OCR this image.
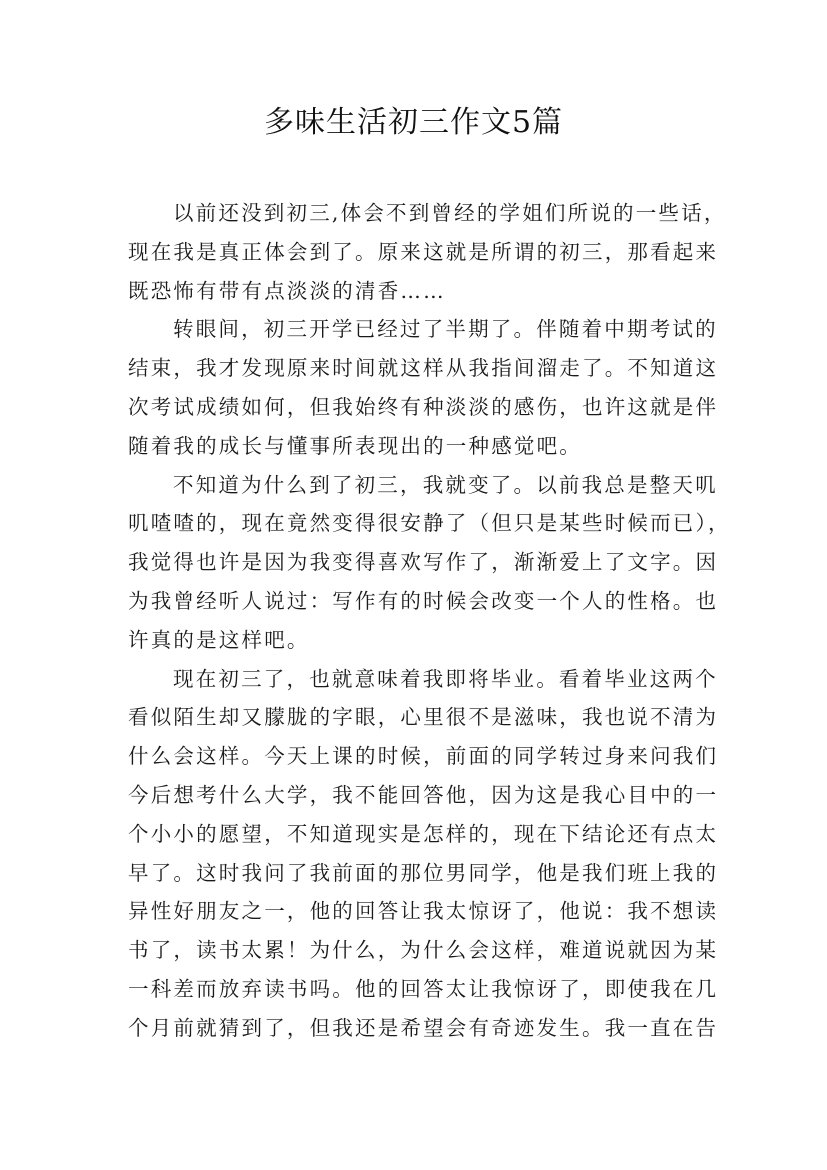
多味生活初三作文5篇

以前还没到初三,体会不到曾经的学姐们所说的一些话，
现在我是真正体会到了。原来这就是所谓的初三，那看起来
既恐怖有带有点淡淡的清香……

转眼间，初三开学已经过了半期了。伴随着中期考试的
结束，我才发现原来时间就这样从我指间溜走了。不知道这
次考试成绩如何，但我始终有种淡淡的感伤，也许这就是伴
随着我的成长与懂事所表现出的一种感觉吧。

不知道为什么到了初三，我就变了。以前我总是整天叽
叽喳喳的，现在竟然变得很安静了（但只是某些时候而已），
我觉得也许是因为我变得喜欢写作了，渐渐爱上了文字。因
为我曾经听人说过：写作有的时候会改变一个人的性格。也
许真的是这样吧。

现在初三了，也就意味着我即将毕业。看着毕业这两个
看似陌生却又朦胧的字眼，心里很不是滋味，我也说不清为
什么会这样。今天上课的时候，前面的同学转过身来问我们
今后想考什么大学，我不能回答他，因为这是我心目中的一
个小小的愿望，不知道现实是怎样的，现在下结论还有点太
早了。这时我问了我前面的那位男同学，他是我们班上我的
异性好朋友之一，他的回答让我太惊讶了，他说：我不想读
书了，读书太累！为什么，为什么会这样，难道说就因为某
一科差而放弃读书吗。他的回答太让我惊讶了，即使我在几
个月前就猜到了，但我还是希望会有奇迹发生。我一直在告
